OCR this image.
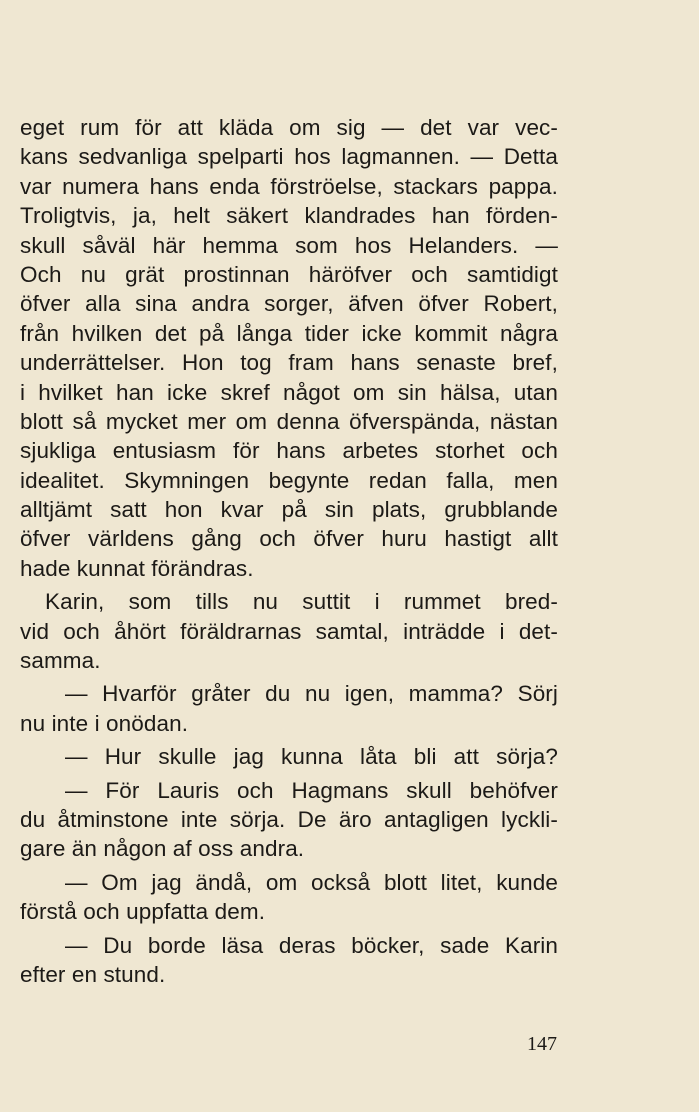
eget rum för att kläda om sig — det var vec-
kans sedvanliga spelparti hos lagmannen. — Detta
var numera hans enda förströelse, stackars pappa.
Troligtvis, ja, helt säkert klandrades han förden-
skull såväl här hemma som hos Helanders. —
Och nu grät prostinnan häröfver och samtidigt
öfver alla sina andra sorger, äfven öfver Robert,
från hvilken det på långa tider icke kommit några
underrättelser. Hon tog fram hans senaste bref,
i hvilket han icke skref något om sin hälsa, utan
blott så mycket mer om denna öfverspända, nästan
sjukliga entusiasm för hans arbetes storhet och
idealitet. Skymningen begynte redan falla, men
alltjämt satt hon kvar på sin plats, grubblande
öfver världens gång och öfver huru hastigt allt
hade kunnat förändras.
Karin, som tills nu suttit i rummet bred-
vid och åhört föräldrarnas samtal, inträdde i det-
samma.
— Hvarför gråter du nu igen, mamma? Sörj
nu inte i onödan.
— Hur skulle jag kunna låta bli att sörja?
— För Lauris och Hagmans skull behöfver
du åtminstone inte sörja. De äro antagligen lyckli-
gare än någon af oss andra.
— Om jag ändå, om också blott litet, kunde
förstå och uppfatta dem.
— Du borde läsa deras böcker, sade Karin
efter en stund.
147
